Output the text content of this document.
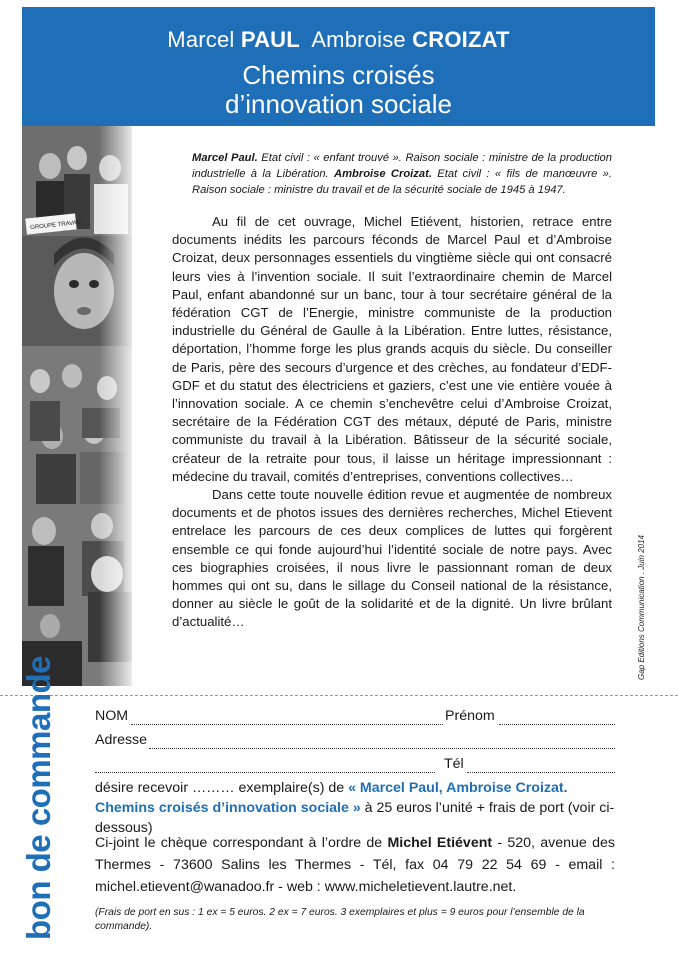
Marcel PAUL Ambroise CROIZAT
Chemins croisés
d’innovation sociale
Marcel Paul. Etat civil : « enfant trouvé ». Raison sociale : ministre de la production industrielle à la Libération. Ambroise Croizat. Etat civil : « fils de manœuvre ». Raison sociale : ministre du travail et de la sécurité sociale de 1945 à 1947.

Au fil de cet ouvrage, Michel Etiévent, historien, retrace entre documents inédits les parcours féconds de Marcel Paul et d’Ambroise Croizat, deux personnages essentiels du vingtième siècle qui ont consacré leurs vies à l’invention sociale. Il suit l’extraordinaire chemin de Marcel Paul, enfant abandonné sur un banc, tour à tour secrétaire général de la fédération CGT de l’Energie, ministre communiste de la production industrielle du Général de Gaulle à la Libération. Entre luttes, résistance, déportation, l’homme forge les plus grands acquis du siècle. Du conseiller de Paris, père des secours d’urgence et des crèches, au fondateur d’EDF-GDF et du statut des électriciens et gaziers, c’est une vie entière vouée à l’innovation sociale. A ce chemin s’enchevêtre celui d’Ambroise Croizat, secrétaire de la Fédération CGT des métaux, député de Paris, ministre communiste du travail à la Libération. Bâtisseur de la sécurité sociale, créateur de la retraite pour tous, il laisse un héritage impressionnant : médecine du travail, comités d’entreprises, conventions collectives…

Dans cette toute nouvelle édition revue et augmentée de nombreux documents et de photos issues des dernières recherches, Michel Etievent entrelace les parcours de ces deux complices de luttes qui forgèrent ensemble ce qui fonde aujourd’hui l’identité sociale de notre pays. Avec ces biographies croisées, il nous livre le passionnant roman de deux hommes qui ont su, dans le sillage du Conseil national de la résistance, donner au siècle le goût de la solidarité et de la dignité. Un livre brûlant d’actualité…	Gap Editions Communication . Juin 2014
bon de commande	NOM	Prénom
Adresse
Tél
désire recevoir ……… exemplaire(s) de « Marcel Paul, Ambroise Croizat. Chemins croisés d’innovation sociale » à 25 euros l’unité + frais de port (voir ci-dessous)
Ci-joint le chèque correspondant à l’ordre de Michel Etiévent - 520, avenue des Thermes - 73600 Salins les Thermes - Tél, fax 04 79 22 54 69 - email : michel.etievent@wanadoo.fr - web : www.micheletievent.lautre.net.
(Frais de port en sus : 1 ex = 5 euros. 2 ex = 7 euros. 3 exemplaires et plus = 9 euros pour l’ensemble de la commande).
